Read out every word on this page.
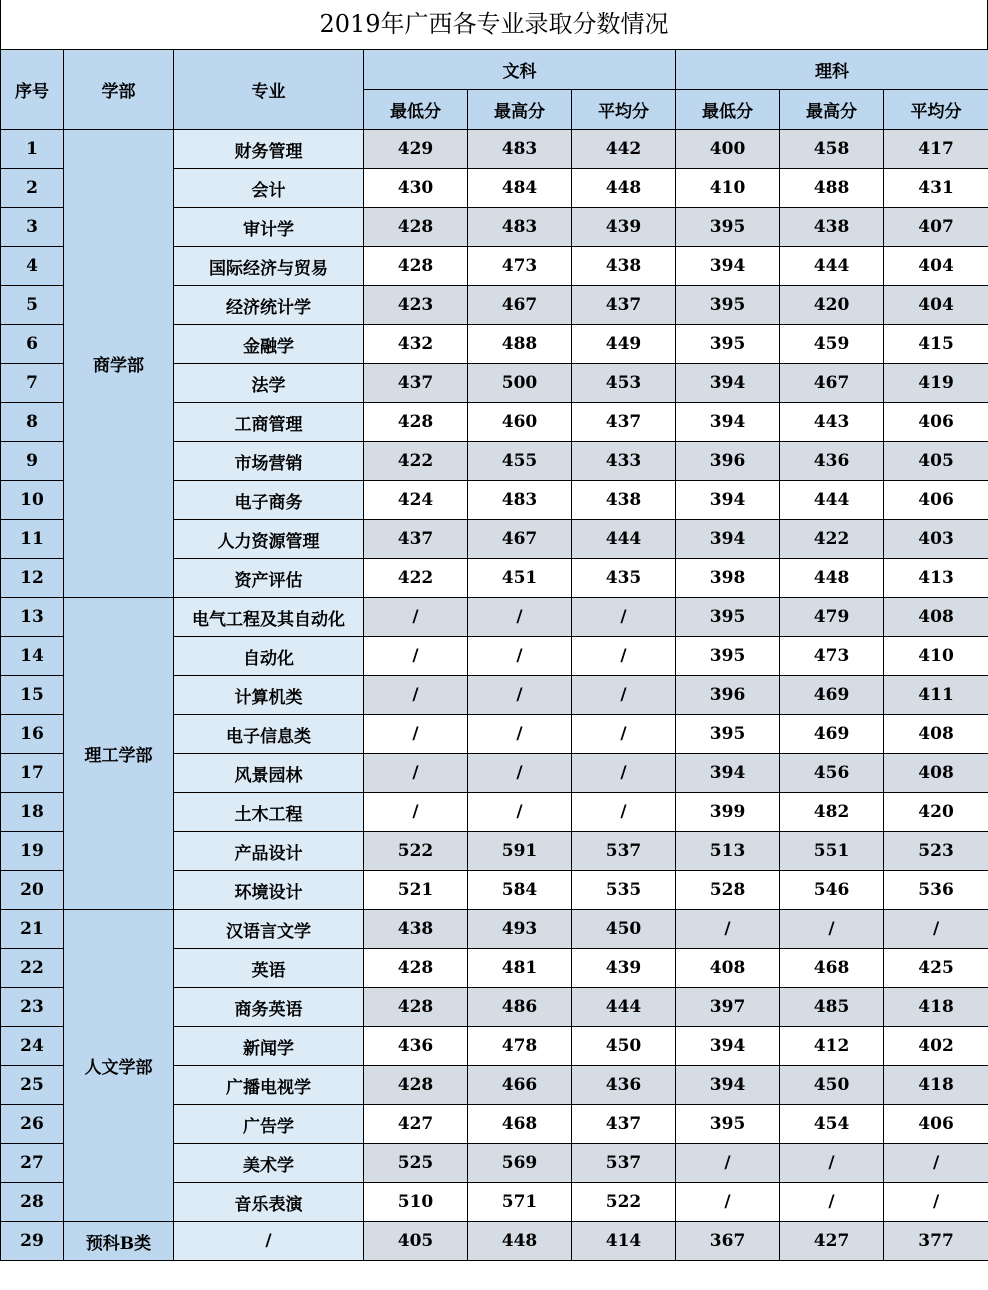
2019年广西各专业录取分数情况
序号	学部	专业	文科			理科		
			最低分	最高分	平均分	最低分	最高分	平均分
1	商学部	财务管理	429	483	442	400	458	417
2		会计	430	484	448	410	488	431
3		审计学	428	483	439	395	438	407
4		国际经济与贸易	428	473	438	394	444	404
5		经济统计学	423	467	437	395	420	404
6		金融学	432	488	449	395	459	415
7		法学	437	500	453	394	467	419
8		工商管理	428	460	437	394	443	406
9		市场营销	422	455	433	396	436	405
10		电子商务	424	483	438	394	444	406
11		人力资源管理	437	467	444	394	422	403
12		资产评估	422	451	435	398	448	413
13	理工学部	电气工程及其自动化	/	/	/	395	479	408
14		自动化	/	/	/	395	473	410
15		计算机类	/	/	/	396	469	411
16		电子信息类	/	/	/	395	469	408
17		风景园林	/	/	/	394	456	408
18		土木工程	/	/	/	399	482	420
19		产品设计	522	591	537	513	551	523
20		环境设计	521	584	535	528	546	536
21	人文学部	汉语言文学	438	493	450	/	/	/
22		英语	428	481	439	408	468	425
23		商务英语	428	486	444	397	485	418
24		新闻学	436	478	450	394	412	402
25		广播电视学	428	466	436	394	450	418
26		广告学	427	468	437	395	454	406
27		美术学	525	569	537	/	/	/
28		音乐表演	510	571	522	/	/	/
29	预科B类	/	405	448	414	367	427	377
